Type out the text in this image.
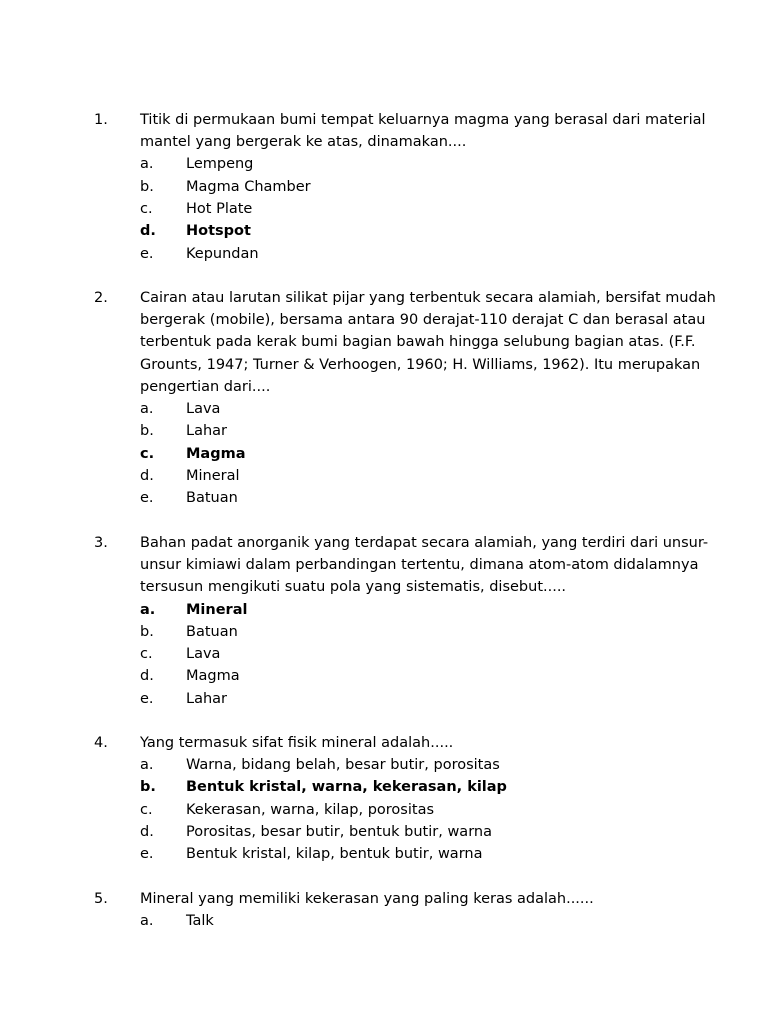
1. Titik di permukaan bumi tempat keluarnya magma yang berasal dari material
mantel yang bergerak ke atas, dinamakan....
a. Lempeng
b. Magma Chamber
c. Hot Plate
d. Hotspot
e. Kepundan
2. Cairan atau larutan silikat pijar yang terbentuk secara alamiah, bersifat mudah
bergerak (mobile), bersama antara 90 derajat-110 derajat C dan berasal atau
terbentuk pada kerak bumi bagian bawah hingga selubung bagian atas. (F.F.
Grounts, 1947; Turner & Verhoogen, 1960; H. Williams, 1962). Itu merupakan
pengertian dari....
a. Lava
b. Lahar
c. Magma
d. Mineral
e. Batuan
3. Bahan padat anorganik yang terdapat secara alamiah, yang terdiri dari unsur-
unsur kimiawi dalam perbandingan tertentu, dimana atom-atom didalamnya
tersusun mengikuti suatu pola yang sistematis, disebut.....
a. Mineral
b. Batuan
c. Lava
d. Magma
e. Lahar
4. Yang termasuk sifat fisik mineral adalah.....
a. Warna, bidang belah, besar butir, porositas
b. Bentuk kristal, warna, kekerasan, kilap
c. Kekerasan, warna, kilap, porositas
d. Porositas, besar butir, bentuk butir, warna
e. Bentuk kristal, kilap, bentuk butir, warna
5. Mineral yang memiliki kekerasan yang paling keras adalah......
a. Talk
